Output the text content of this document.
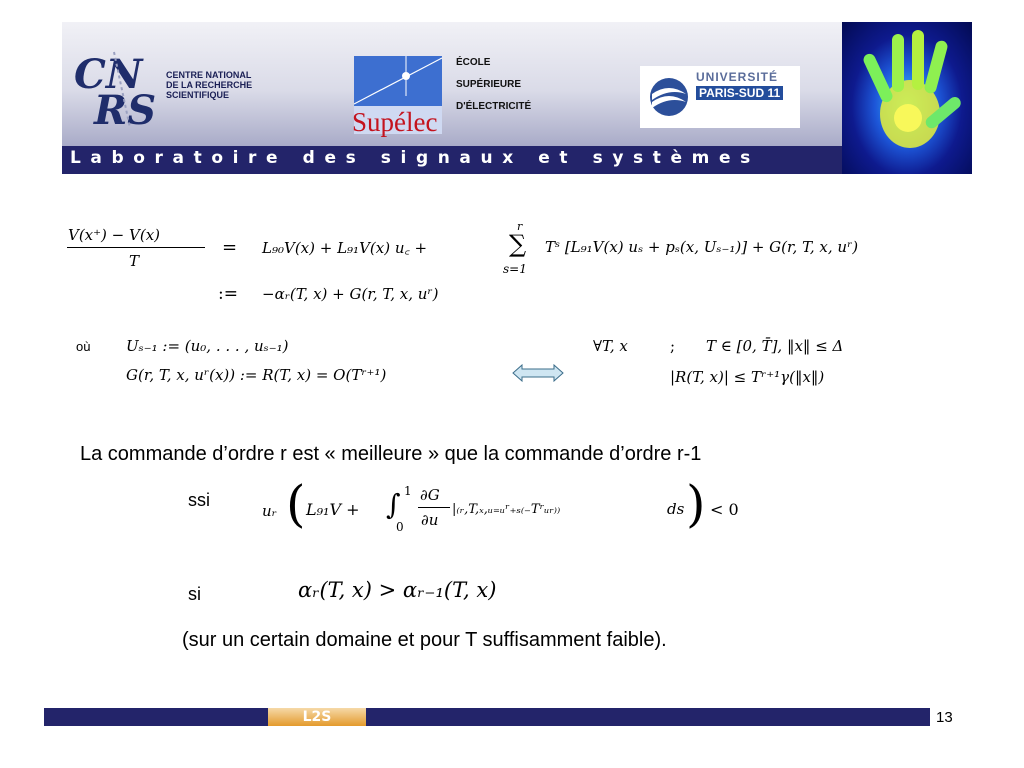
CN
RS
CENTRE NATIONAL
DE LA RECHERCHE
SCIENTIFIQUE
Supélec
ÉCOLE
SUPÉRIEURE
D'ÉLECTRICITÉ
UNIVERSITÉ
PARIS-SUD 11
Laboratoire des signaux et systèmes
V(x⁺) − V(x)
T
= L₉₀V(x) + L₉₁V(x) u꜀ +
r
∑
s=1
Tˢ [L₉₁V(x) uₛ + pₛ(x, Uₛ₋₁)] + G(r, T, x, uʳ)
:= −αᵣ(T, x) + G(r, T, x, uʳ)
où Uₛ₋₁ := (u₀, . . . , uₛ₋₁)
G(r, T, x, uʳ(x)) := R(T, x) = O(Tʳ⁺¹)
∀T, x	; T ∈ [0, T̄], ‖x‖ ≤ Δ
|R(T, x)| ≤ Tʳ⁺¹γ(‖x‖)
La commande d’ordre r est « meilleure » que la commande d’ordre r-1
ssi
uᵣ ( L₉₁V +
1
∫
0
∂G
∂u
|₍ᵣ,T,ₓ,ᵤ₌ᵤʳ₊ₛ₍₋Tʳᵤᵣ₎₎	ds ) < 0
si	αᵣ(T, x) > αᵣ₋₁(T, x)
(sur un certain domaine et pour T suffisamment faible).
L2S	13
